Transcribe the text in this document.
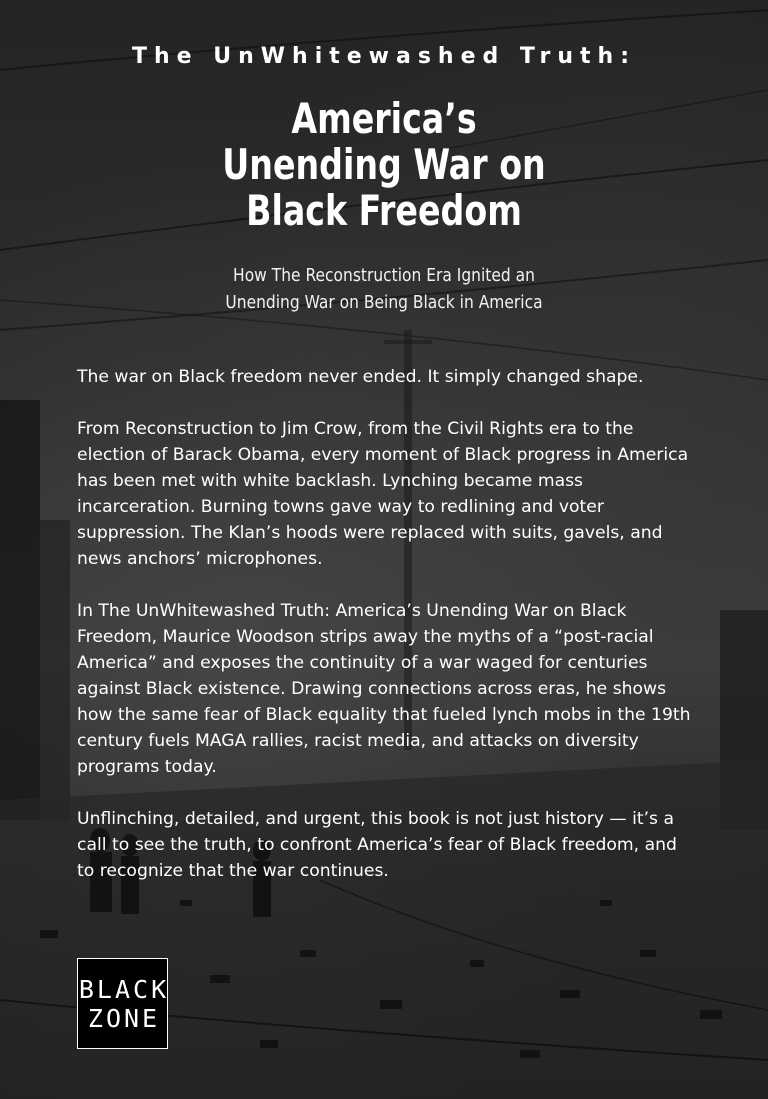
The UnWhitewashed Truth:
America’s
Unending War on
Black Freedom
How The Reconstruction Era Ignited an
Unending War on Being Black in America

The war on Black freedom never ended. It simply changed shape.

From Reconstruction to Jim Crow, from the Civil Rights era to the election of Barack Obama, every moment of Black progress in America has been met with white backlash. Lynching became mass incarceration. Burning towns gave way to redlining and voter suppression. The Klan’s hoods were replaced with suits, gavels, and news anchors’ microphones.

In The UnWhitewashed Truth: America’s Unending War on Black Freedom, Maurice Woodson strips away the myths of a “post-racial America” and exposes the continuity of a war waged for centuries against Black existence. Drawing connections across eras, he shows how the same fear of Black equality that fueled lynch mobs in the 19th century fuels MAGA rallies, racist media, and attacks on diversity programs today.

Unflinching, detailed, and urgent, this book is not just history — it’s a call to see the truth, to confront America’s fear of Black freedom, and to recognize that the war continues.

BLACK
ZONE
